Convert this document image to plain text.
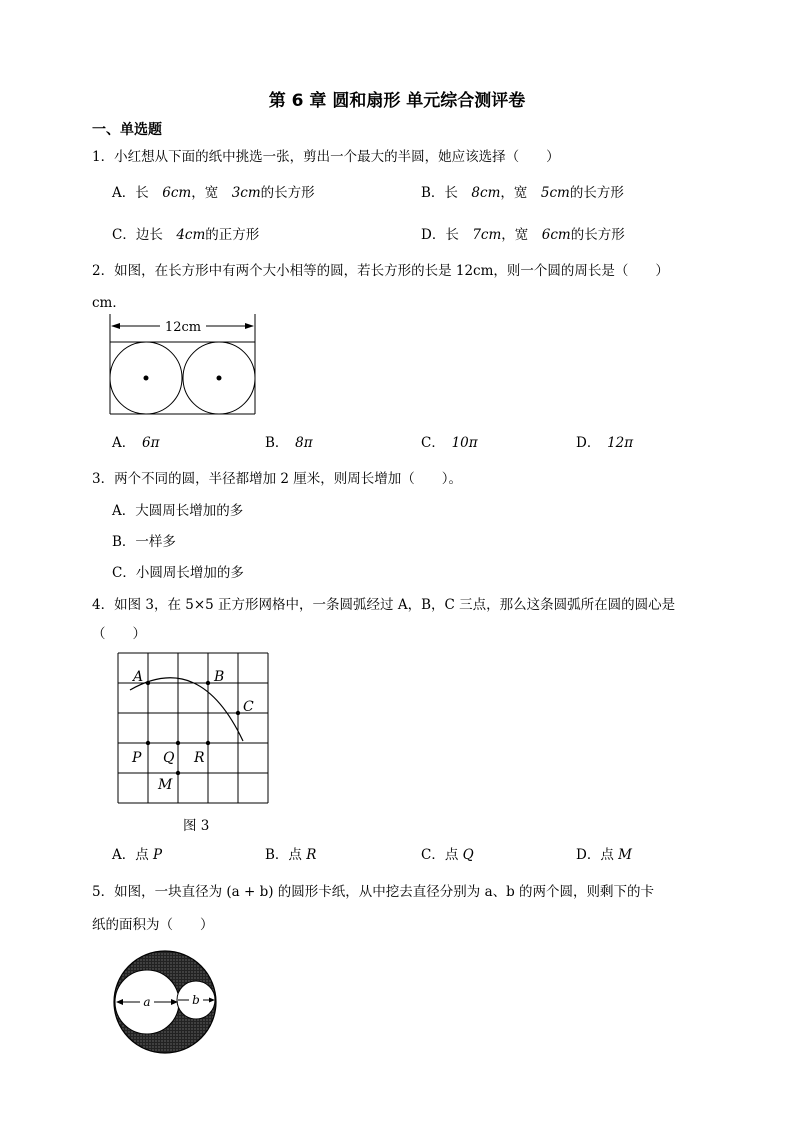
第 6 章 圆和扇形 单元综合测评卷
一、单选题
1．小红想从下面的纸中挑选一张，剪出一个最大的半圆，她应该选择（　　）
A．长　6cm，宽　3cm的长方形	B．长　8cm，宽　5cm的长方形
C．边长　4cm的正方形	D．长　7cm，宽　6cm的长方形
2．如图，在长方形中有两个大小相等的圆，若长方形的长是 12cm，则一个圆的周长是（　　）
cm．
12cm
A．　 6π	B．　 8π	C．　 10π	D．　 12π
3．两个不同的圆，半径都增加 2 厘米，则周长增加（　　）。
A．大圆周长增加的多
B．一样多
C．小圆周长增加的多
4．如图 3，在 5×5 正方形网格中，一条圆弧经过 A，B，C 三点，那么这条圆弧所在圆的圆心是
（　　）
A	B
C
P Q R
M
图 3
A．点 P	B．点 R	C．点 Q	D．点 M
5．如图，一块直径为 (a + b) 的圆形卡纸，从中挖去直径分别为 a、b 的两个圆，则剩下的卡
纸的面积为（　　）
a	b
